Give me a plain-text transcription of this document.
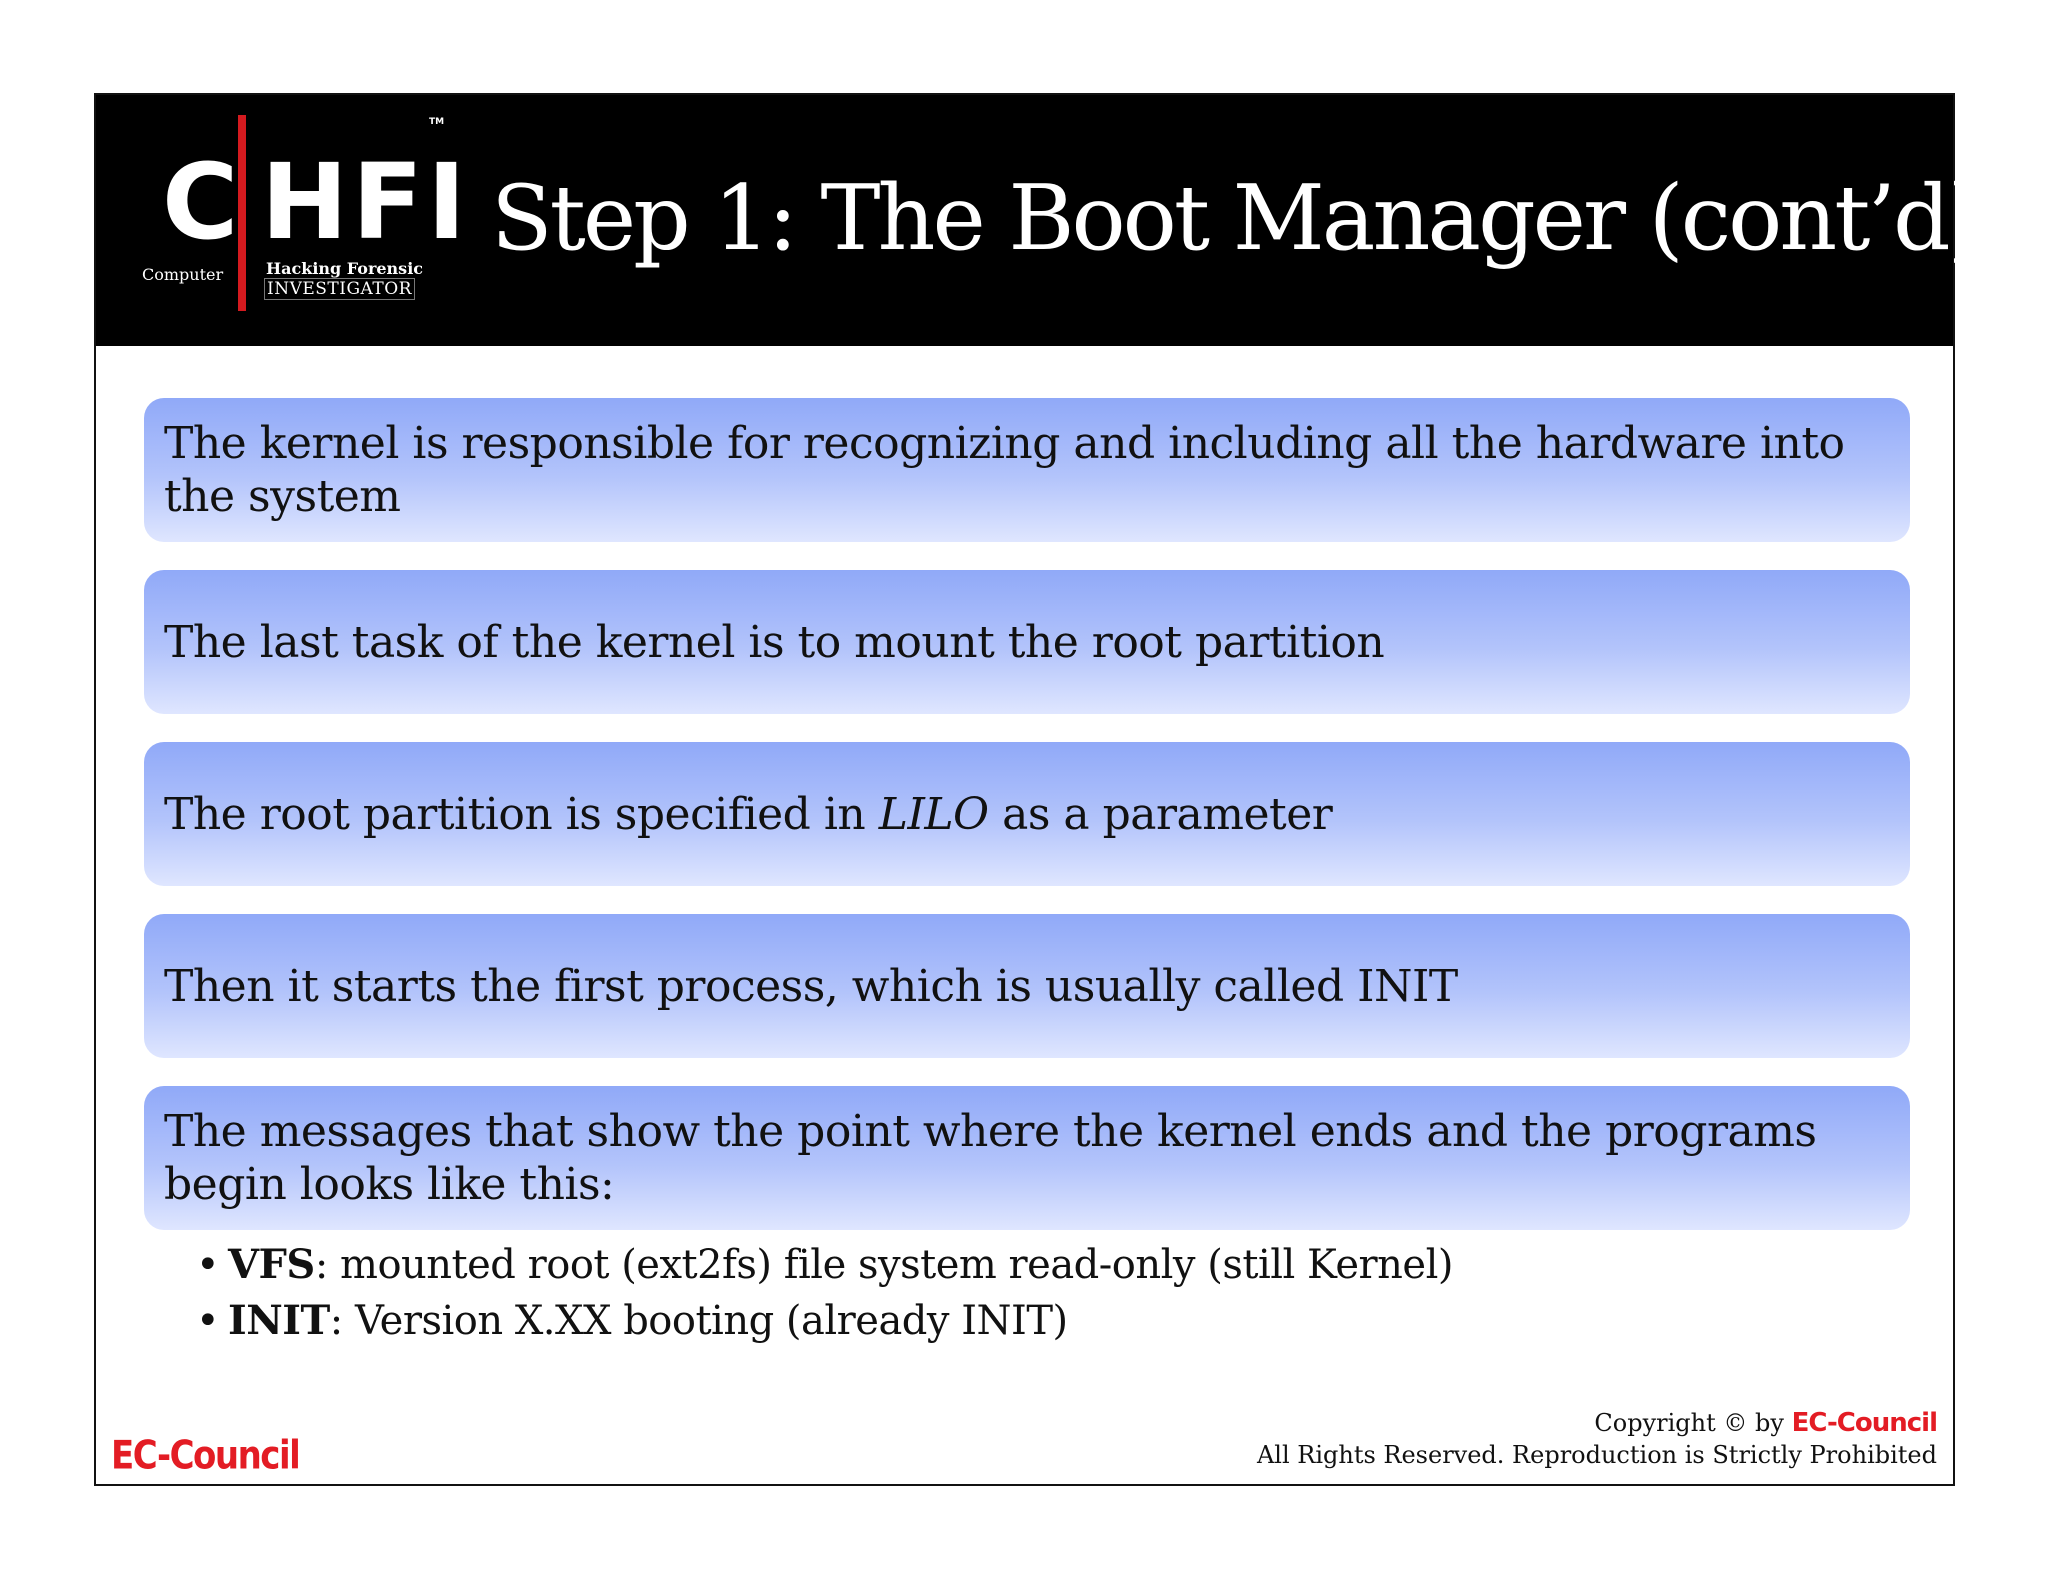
C HFI
TM
Computer	Hacking Forensic
INVESTIGATOR
Step 1: The Boot Manager (cont’d)
The kernel is responsible for recognizing and including all the hardware into the system
The last task of the kernel is to mount the root partition
The root partition is specified in LILO as a parameter
Then it starts the first process, which is usually called INIT
The messages that show the point where the kernel ends and the programs begin looks like this:
• VFS: mounted root (ext2fs) file system read-only (still Kernel)
• INIT: Version X.XX booting (already INIT)
EC-Council
Copyright © by EC-Council
All Rights Reserved. Reproduction is Strictly Prohibited
